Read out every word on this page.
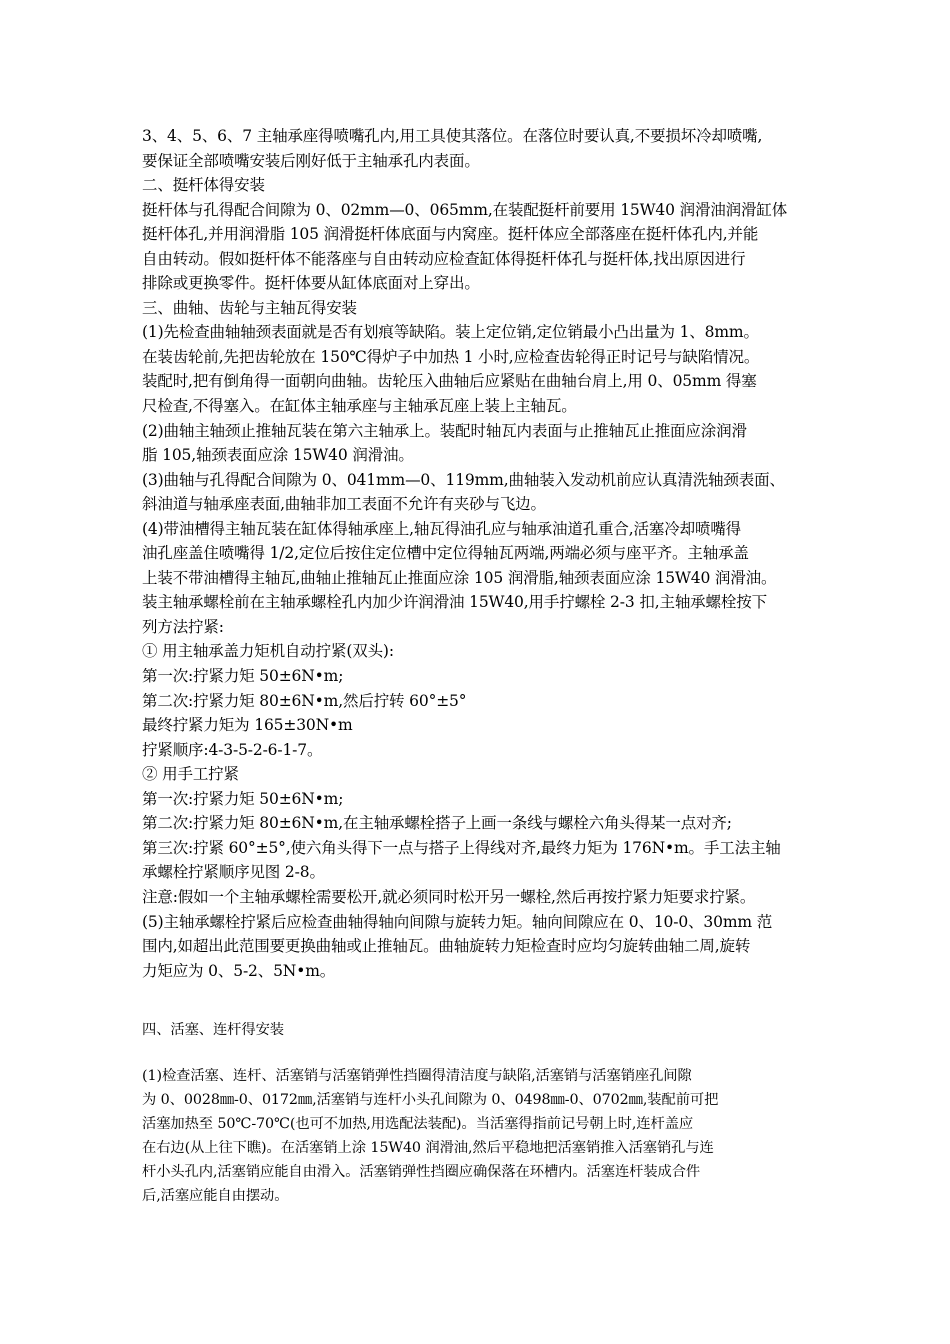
3、4、5、6、7 主轴承座得喷嘴孔内,用工具使其落位。在落位时要认真,不要损坏冷却喷嘴,
要保证全部喷嘴安装后刚好低于主轴承孔内表面。
二、挺杆体得安装
挺杆体与孔得配合间隙为 0、02mm—0、065mm,在装配挺杆前要用 15W40 润滑油润滑缸体
挺杆体孔,并用润滑脂 105 润滑挺杆体底面与内窝座。挺杆体应全部落座在挺杆体孔内,并能
自由转动。假如挺杆体不能落座与自由转动应检查缸体得挺杆体孔与挺杆体,找出原因进行
排除或更换零件。挺杆体要从缸体底面对上穿出。
三、曲轴、齿轮与主轴瓦得安装
(1)先检查曲轴轴颈表面就是否有划痕等缺陷。装上定位销,定位销最小凸出量为 1、8mm。
在装齿轮前,先把齿轮放在 150℃得炉子中加热 1 小时,应检查齿轮得正时记号与缺陷情况。
装配时,把有倒角得一面朝向曲轴。齿轮压入曲轴后应紧贴在曲轴台肩上,用 0、05mm 得塞
尺检查,不得塞入。在缸体主轴承座与主轴承瓦座上装上主轴瓦。
(2)曲轴主轴颈止推轴瓦装在第六主轴承上。装配时轴瓦内表面与止推轴瓦止推面应涂润滑
脂 105,轴颈表面应涂 15W40 润滑油。
(3)曲轴与孔得配合间隙为 0、041mm—0、119mm,曲轴装入发动机前应认真清洗轴颈表面、
斜油道与轴承座表面,曲轴非加工表面不允许有夹砂与飞边。
(4)带油槽得主轴瓦装在缸体得轴承座上,轴瓦得油孔应与轴承油道孔重合,活塞冷却喷嘴得
油孔座盖住喷嘴得 1/2,定位后按住定位槽中定位得轴瓦两端,两端必须与座平齐。主轴承盖
上装不带油槽得主轴瓦,曲轴止推轴瓦止推面应涂 105 润滑脂,轴颈表面应涂 15W40 润滑油。
装主轴承螺栓前在主轴承螺栓孔内加少许润滑油 15W40,用手拧螺栓 2-3 扣,主轴承螺栓按下
列方法拧紧:
① 用主轴承盖力矩机自动拧紧(双头):
第一次:拧紧力矩 50±6N•m;
第二次:拧紧力矩 80±6N•m,然后拧转 60°±5°
最终拧紧力矩为 165±30N•m
拧紧顺序:4-3-5-2-6-1-7。
② 用手工拧紧
第一次:拧紧力矩 50±6N•m;
第二次:拧紧力矩 80±6N•m,在主轴承螺栓搭子上画一条线与螺栓六角头得某一点对齐;
第三次:拧紧 60°±5°,使六角头得下一点与搭子上得线对齐,最终力矩为 176N•m。手工法主轴
承螺栓拧紧顺序见图 2-8。
注意:假如一个主轴承螺栓需要松开,就必须同时松开另一螺栓,然后再按拧紧力矩要求拧紧。
(5)主轴承螺栓拧紧后应检查曲轴得轴向间隙与旋转力矩。轴向间隙应在 0、10-0、30mm 范
围内,如超出此范围要更换曲轴或止推轴瓦。曲轴旋转力矩检查时应均匀旋转曲轴二周,旋转
力矩应为 0、5-2、5N•m。
四、活塞、连杆得安装
(1)检查活塞、连杆、活塞销与活塞销弹性挡圈得清洁度与缺陷,活塞销与活塞销座孔间隙
为 0、0028㎜-0、0172㎜,活塞销与连杆小头孔间隙为 0、0498㎜-0、0702㎜,装配前可把
活塞加热至 50℃-70℃(也可不加热,用选配法装配)。当活塞得指前记号朝上时,连杆盖应
在右边(从上往下瞧)。在活塞销上涂 15W40 润滑油,然后平稳地把活塞销推入活塞销孔与连
杆小头孔内,活塞销应能自由滑入。活塞销弹性挡圈应确保落在环槽内。活塞连杆装成合件
后,活塞应能自由摆动。
